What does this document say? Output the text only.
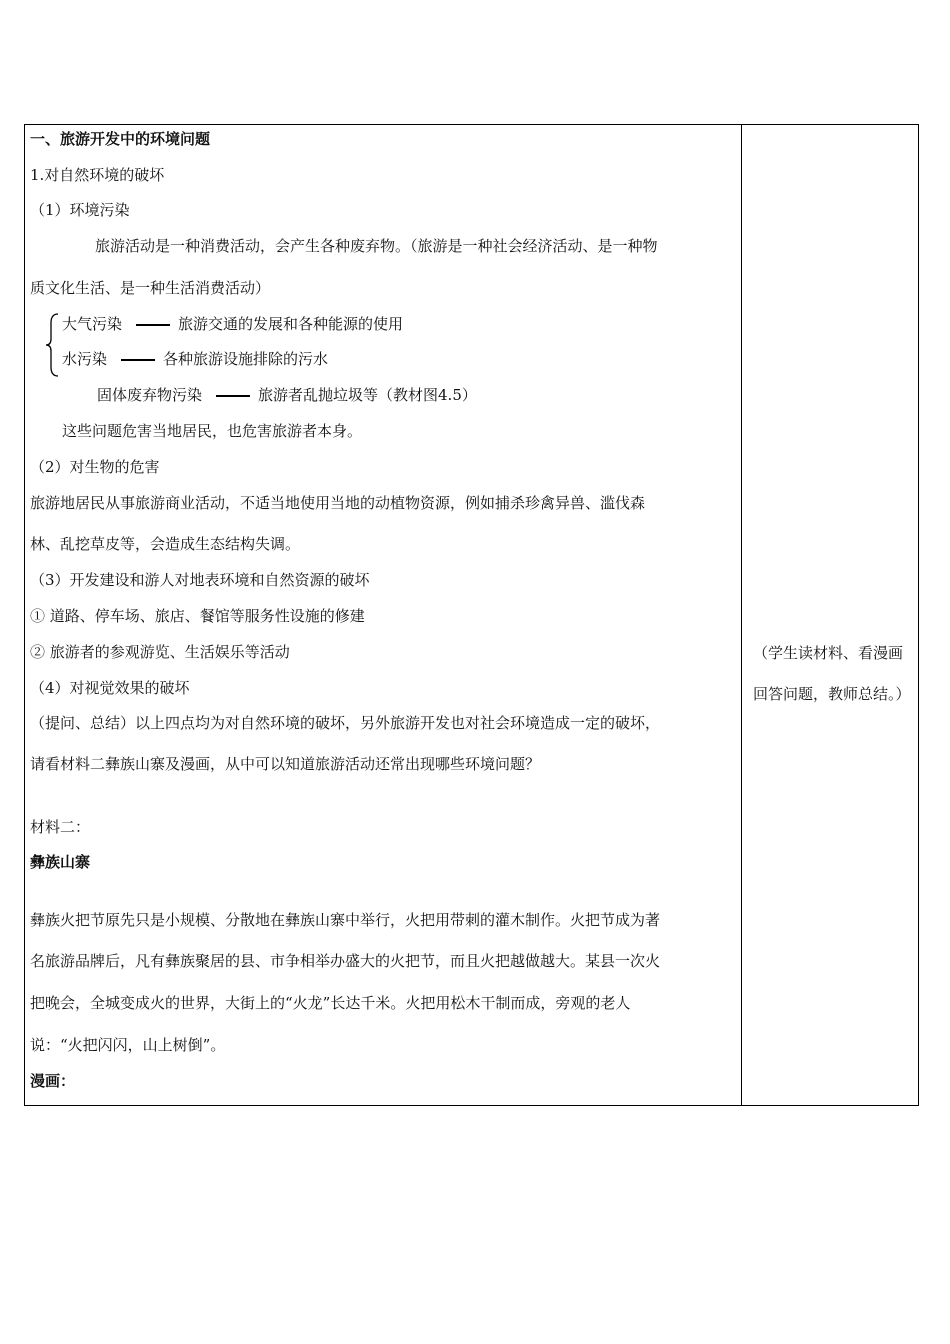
一、旅游开发中的环境问题
1.对自然环境的破坏
（1）环境污染
旅游活动是一种消费活动，会产生各种废弃物。（旅游是一种社会经济活动、是一种物
质文化生活、是一种生活消费活动）
大气污染	旅游交通的发展和各种能源的使用
水污染	各种旅游设施排除的污水
固体废弃物污染	旅游者乱抛垃圾等（教材图4.5）
这些问题危害当地居民，也危害旅游者本身。
（2）对生物的危害
旅游地居民从事旅游商业活动，不适当地使用当地的动植物资源，例如捕杀珍禽异兽、滥伐森
林、乱挖草皮等，会造成生态结构失调。
（3）开发建设和游人对地表环境和自然资源的破坏
① 道路、停车场、旅店、餐馆等服务性设施的修建
② 旅游者的参观游览、生活娱乐等活动
（4）对视觉效果的破坏
（提问、总结）以上四点均为对自然环境的破坏，另外旅游开发也对社会环境造成一定的破坏，
请看材料二彝族山寨及漫画，从中可以知道旅游活动还常出现哪些环境问题？
材料二：
彝族山寨
彝族火把节原先只是小规模、分散地在彝族山寨中举行，火把用带刺的灌木制作。火把节成为著
名旅游品牌后，凡有彝族聚居的县、市争相举办盛大的火把节，而且火把越做越大。某县一次火
把晚会，全城变成火的世界，大街上的“火龙”长达千米。火把用松木干制而成，旁观的老人
说：“火把闪闪，山上树倒”。
漫画：
（学生读材料、看漫画回答问题，教师总结。）
